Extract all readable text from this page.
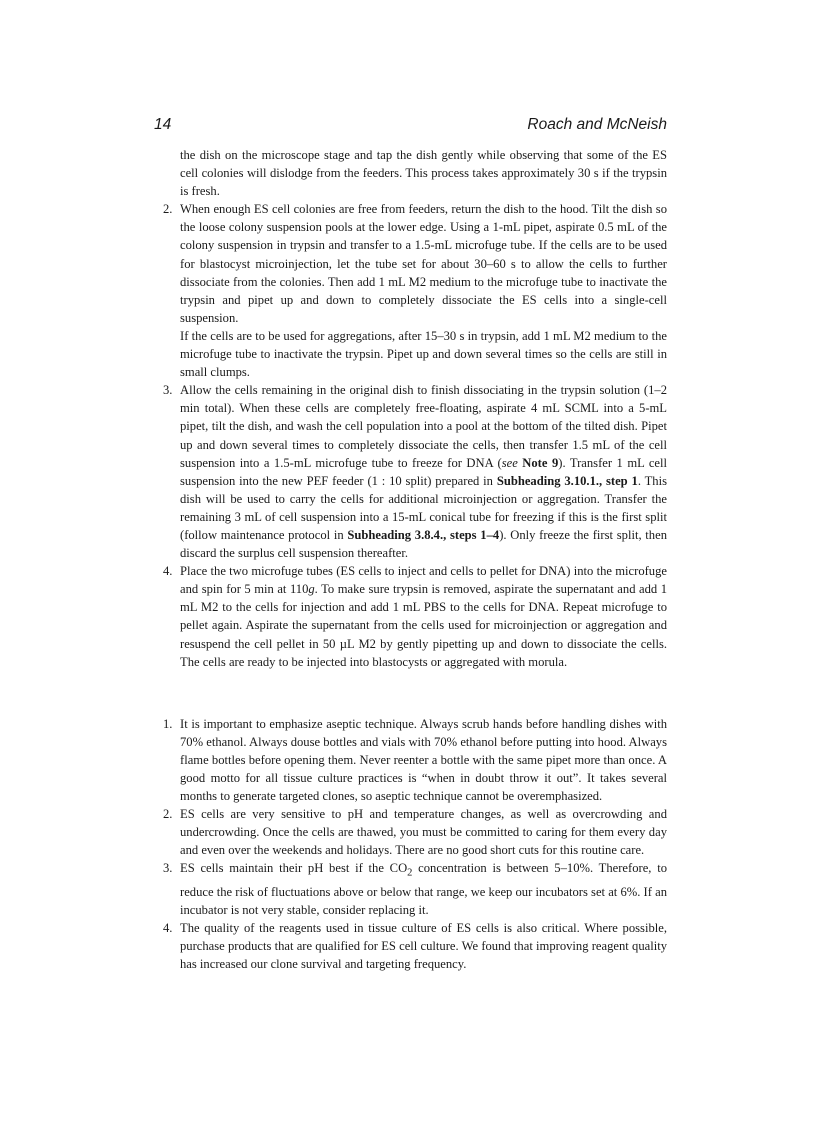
14	Roach and McNeish

the dish on the microscope stage and tap the dish gently while observing that some of the ES cell colonies will dislodge from the feeders. This process takes approximately 30 s if the trypsin is fresh.

2. When enough ES cell colonies are free from feeders, return the dish to the hood. Tilt the dish so the loose colony suspension pools at the lower edge. Using a 1-mL pipet, aspirate 0.5 mL of the colony suspension in trypsin and transfer to a 1.5-mL microfuge tube. If the cells are to be used for blastocyst microinjection, let the tube set for about 30–60 s to allow the cells to further dissociate from the colonies. Then add 1 mL M2 medium to the microfuge tube to inactivate the trypsin and pipet up and down to completely dissociate the ES cells into a single-cell suspension.

If the cells are to be used for aggregations, after 15–30 s in trypsin, add 1 mL M2 medium to the microfuge tube to inactivate the trypsin. Pipet up and down several times so the cells are still in small clumps.

3. Allow the cells remaining in the original dish to finish dissociating in the trypsin solution (1–2 min total). When these cells are completely free-floating, aspirate 4 mL SCML into a 5-mL pipet, tilt the dish, and wash the cell population into a pool at the bottom of the tilted dish. Pipet up and down several times to completely dissociate the cells, then transfer 1.5 mL of the cell suspension into a 1.5-mL microfuge tube to freeze for DNA (see Note 9). Transfer 1 mL cell suspension into the new PEF feeder (1 : 10 split) prepared in Subheading 3.10.1., step 1. This dish will be used to carry the cells for additional microinjection or aggregation. Transfer the remaining 3 mL of cell suspension into a 15-mL conical tube for freezing if this is the first split (follow maintenance protocol in Subheading 3.8.4., steps 1–4). Only freeze the first split, then discard the surplus cell suspension thereafter.

4. Place the two microfuge tubes (ES cells to inject and cells to pellet for DNA) into the microfuge and spin for 5 min at 110g. To make sure trypsin is removed, aspirate the supernatant and add 1 mL M2 to the cells for injection and add 1 mL PBS to the cells for DNA. Repeat microfuge to pellet again. Aspirate the supernatant from the cells used for microinjection or aggregation and resuspend the cell pellet in 50 µL M2 by gently pipetting up and down to dissociate the cells. The cells are ready to be injected into blastocysts or aggregated with morula.

1. It is important to emphasize aseptic technique. Always scrub hands before handling dishes with 70% ethanol. Always douse bottles and vials with 70% ethanol before putting into hood. Always flame bottles before opening them. Never reenter a bottle with the same pipet more than once. A good motto for all tissue culture practices is “when in doubt throw it out”. It takes several months to generate targeted clones, so aseptic technique cannot be overemphasized.

2. ES cells are very sensitive to pH and temperature changes, as well as overcrowding and undercrowding. Once the cells are thawed, you must be committed to caring for them every day and even over the weekends and holidays. There are no good short cuts for this routine care.

3. ES cells maintain their pH best if the $CO_2$ concentration is between 5–10%. Therefore, to reduce the risk of fluctuations above or below that range, we keep our incubators set at 6%. If an incubator is not very stable, consider replacing it.

4. The quality of the reagents used in tissue culture of ES cells is also critical. Where possible, purchase products that are qualified for ES cell culture. We found that improving reagent quality has increased our clone survival and targeting frequency.
